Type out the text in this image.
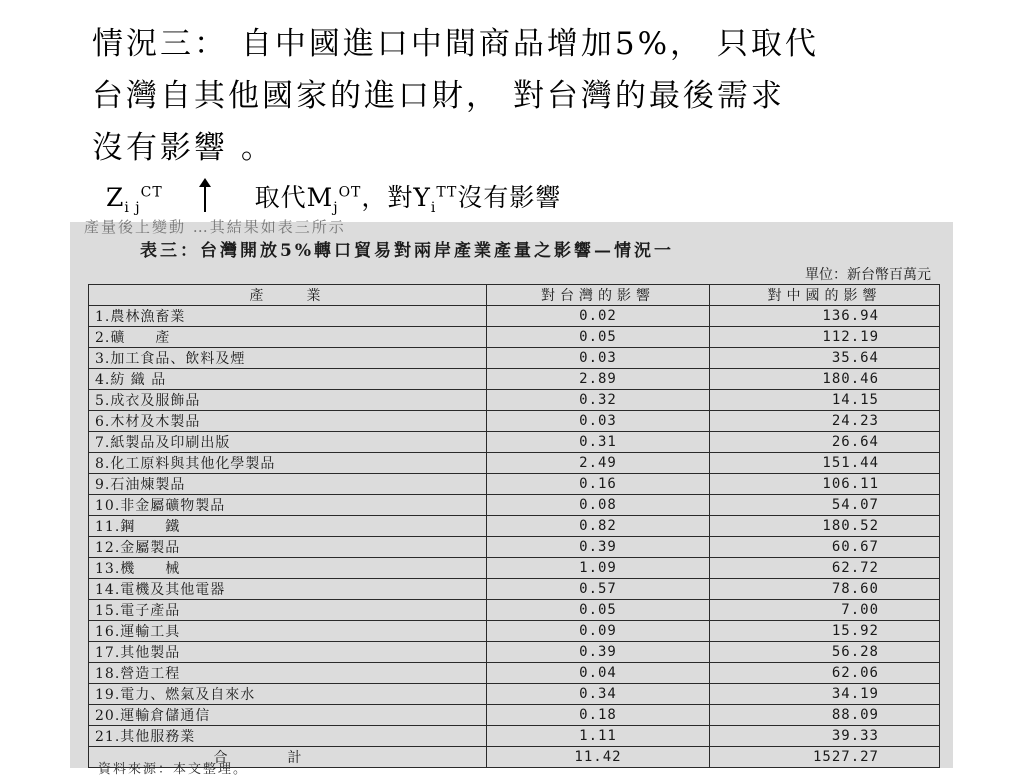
情況三： 自中國進口中間商品增加5%， 只取代
台灣自其他國家的進口財， 對台灣的最後需求
沒有影響 。
$Z_{i j}^{CT}$	取代$M_j^{OT}$，對$Y_i^{TT}$沒有影響
產量後上變動 …其結果如表三所示
表三：台灣開放5%轉口貿易對兩岸產業產量之影響—情況一
單位：新台幣百萬元
產　　業	對台灣的影響	對中國的影響
1.農林漁畜業	0.02	136.94
2.礦　　產	0.05	112.19
3.加工食品、飲料及煙	0.03	35.64
4.紡 織 品	2.89	180.46
5.成衣及服飾品	0.32	14.15
6.木材及木製品	0.03	24.23
7.紙製品及印刷出版	0.31	26.64
8.化工原料與其他化學製品	2.49	151.44
9.石油煉製品	0.16	106.11
10.非金屬礦物製品	0.08	54.07
11.鋼　　鐵	0.82	180.52
12.金屬製品	0.39	60.67
13.機　　械	1.09	62.72
14.電機及其他電器	0.57	78.60
15.電子產品	0.05	7.00
16.運輸工具	0.09	15.92
17.其他製品	0.39	56.28
18.營造工程	0.04	62.06
19.電力、燃氣及自來水	0.34	34.19
20.運輸倉儲通信	0.18	88.09
21.其他服務業	1.11	39.33
合計	11.42	1527.27
資料來源：本文整理。
